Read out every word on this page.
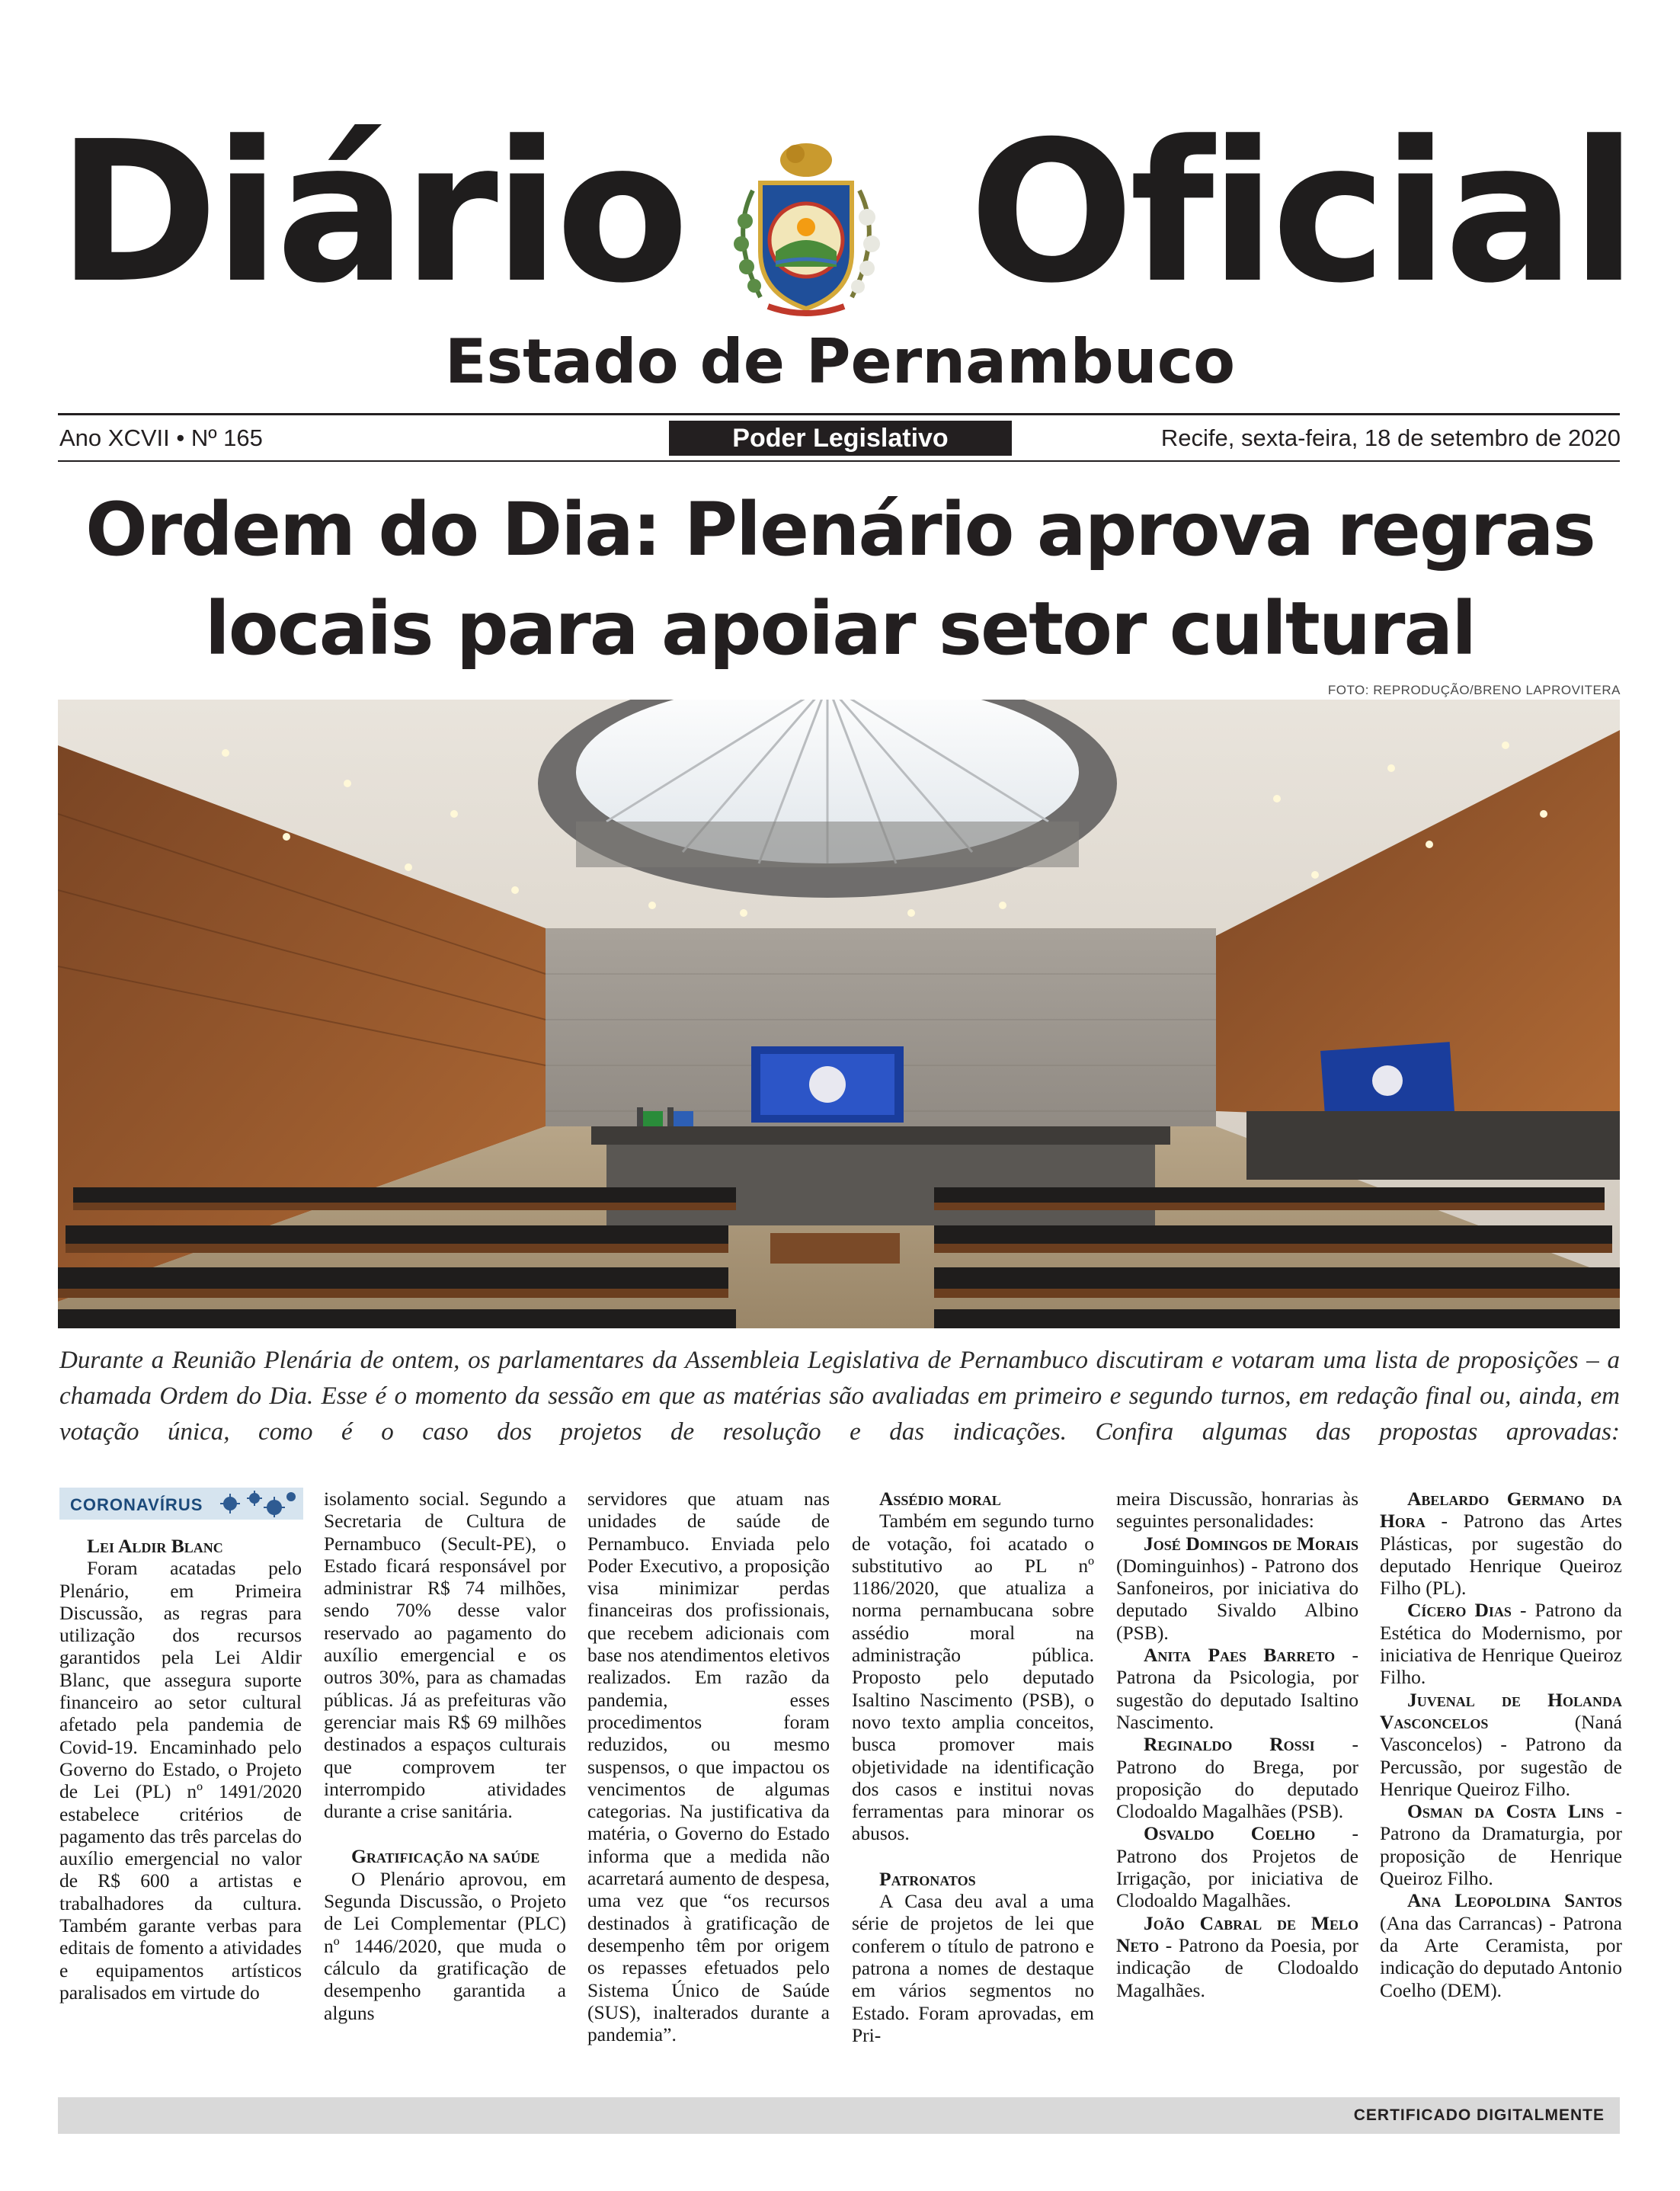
Diário Oficial
Estado de Pernambuco
Ano XCVII • Nº 165	Poder Legislativo	Recife, sexta-feira, 18 de setembro de 2020
Ordem do Dia: Plenário aprova regras
locais para apoiar setor cultural
FOTO: REPRODUÇÃO/BRENO LAPROVITERA
Durante a Reunião Plenária de ontem, os parlamentares da Assembleia Legislativa de Pernambuco discutiram e votaram uma lista de proposições – a chamada Ordem do Dia. Esse é o momento da sessão em que as matérias são avaliadas em primeiro e segundo turnos, em redação final ou, ainda, em votação única, como é o caso dos projetos de resolução e das indicações. Confira algumas das propostas aprovadas:
CORONAVÍRUS

Lei Aldir Blanc

Foram acatadas pelo Plenário, em Primeira Discussão, as regras para utilização dos recursos garantidos pela Lei Aldir Blanc, que assegura suporte financeiro ao setor cultural afetado pela pandemia de Covid-19. Encaminhado pelo Governo do Estado, o Projeto de Lei (PL) nº 1491/2020 estabelece critérios de pagamento das três parcelas do auxílio emergencial no valor de R$ 600 a artistas e trabalhadores da cultura. Também garante verbas para editais de fomento a atividades e equipamentos artísticos paralisados em virtude do

isolamento social. Segundo a Secretaria de Cultura de Pernambuco (Secult-PE), o Estado ficará responsável por administrar R$ 74 milhões, sendo 70% desse valor reservado ao pagamento do auxílio emergencial e os outros 30%, para as chamadas públicas. Já as prefeituras vão gerenciar mais R$ 69 milhões destinados a espaços culturais que comprovem ter interrompido atividades durante a crise sanitária.

Gratificação na saúde

O Plenário aprovou, em Segunda Discussão, o Projeto de Lei Complementar (PLC) nº 1446/2020, que muda o cálculo da gratificação de desempenho garantida a alguns

servidores que atuam nas unidades de saúde de Pernambuco. Enviada pelo Poder Executivo, a proposição visa minimizar perdas financeiras dos profissionais, que recebem adicionais com base nos atendimentos eletivos realizados. Em razão da pandemia, esses procedimentos foram reduzidos, ou mesmo suspensos, o que impactou os vencimentos de algumas categorias. Na justificativa da matéria, o Governo do Estado informa que a medida não acarretará aumento de despesa, uma vez que “os recursos destinados à gratificação de desempenho têm por origem os repasses efetuados pelo Sistema Único de Saúde (SUS), inalterados durante a pandemia”.

Assédio moral

Também em segundo turno de votação, foi acatado o substitutivo ao PL nº 1186/2020, que atualiza a norma pernambucana sobre assédio moral na administração pública. Proposto pelo deputado Isaltino Nascimento (PSB), o novo texto amplia conceitos, busca promover mais objetividade na identificação dos casos e institui novas ferramentas para minorar os abusos.

Patronatos

A Casa deu aval a uma série de projetos de lei que conferem o título de patrono e patrona a nomes de destaque em vários segmentos no Estado. Foram aprovadas, em Pri-

meira Discussão, honrarias às seguintes personalidades:

José Domingos de Morais (Dominguinhos) - Patrono dos Sanfoneiros, por iniciativa do deputado Sivaldo Albino (PSB).

Anita Paes Barreto - Patrona da Psicologia, por sugestão do deputado Isaltino Nascimento.

Reginaldo Rossi - Patrono do Brega, por proposição do deputado Clodoaldo Magalhães (PSB).

Osvaldo Coelho - Patrono dos Projetos de Irrigação, por iniciativa de Clodoaldo Magalhães.

João Cabral de Melo Neto - Patrono da Poesia, por indicação de Clodoaldo Magalhães.

Abelardo Germano da Hora - Patrono das Artes Plásticas, por sugestão do deputado Henrique Queiroz Filho (PL).

Cícero Dias - Patrono da Estética do Modernismo, por iniciativa de Henrique Queiroz Filho.

Juvenal de Holanda Vasconcelos (Naná Vasconcelos) - Patrono da Percussão, por sugestão de Henrique Queiroz Filho.

Osman da Costa Lins - Patrono da Dramaturgia, por proposição de Henrique Queiroz Filho.

Ana Leopoldina Santos (Ana das Carrancas) - Patrona da Arte Ceramista, por indicação do deputado Antonio Coelho (DEM).

CERTIFICADO DIGITALMENTE
